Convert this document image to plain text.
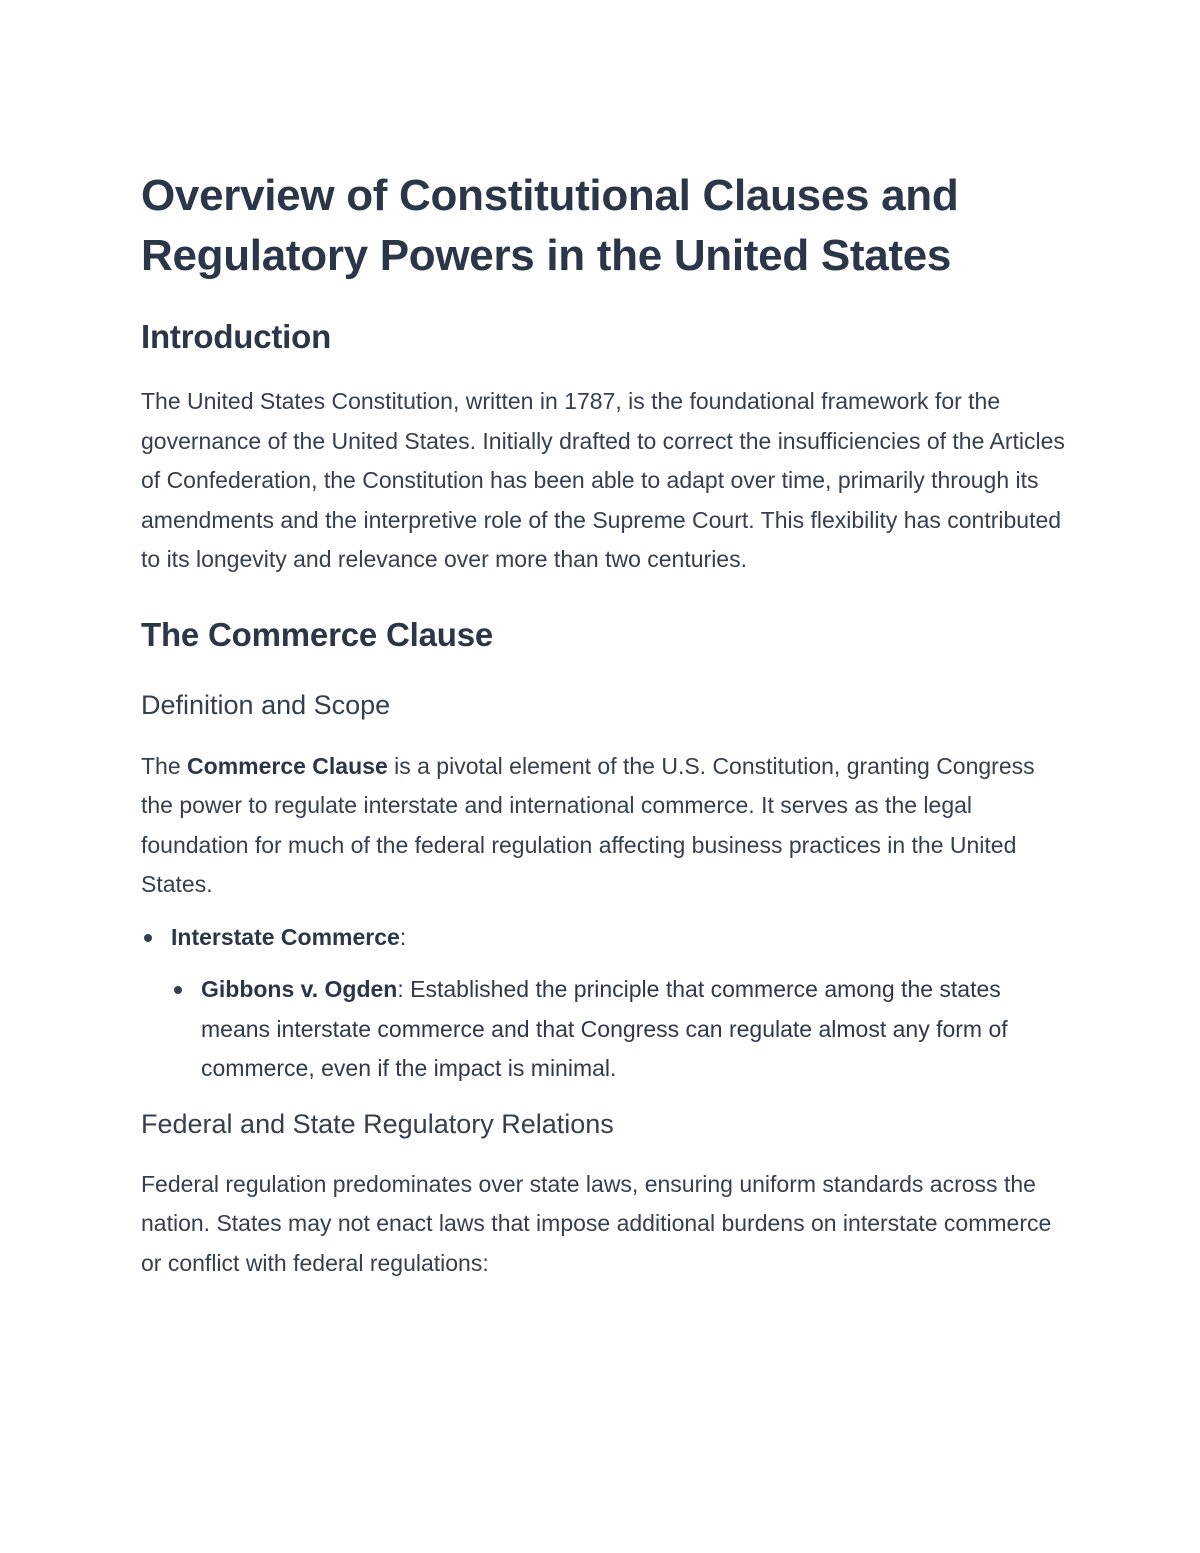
Overview of Constitutional Clauses and Regulatory Powers in the United States
Introduction

The United States Constitution, written in 1787, is the foundational framework for the governance of the United States. Initially drafted to correct the insufficiencies of the Articles of Confederation, the Constitution has been able to adapt over time, primarily through its amendments and the interpretive role of the Supreme Court. This flexibility has contributed to its longevity and relevance over more than two centuries.

The Commerce Clause
Definition and Scope

The Commerce Clause is a pivotal element of the U.S. Constitution, granting Congress the power to regulate interstate and international commerce. It serves as the legal foundation for much of the federal regulation affecting business practices in the United States.

Interstate Commerce:
Gibbons v. Ogden: Established the principle that commerce among the states means interstate commerce and that Congress can regulate almost any form of commerce, even if the impact is minimal.
Federal and State Regulatory Relations

Federal regulation predominates over state laws, ensuring uniform standards across the nation. States may not enact laws that impose additional burdens on interstate commerce or conflict with federal regulations:
